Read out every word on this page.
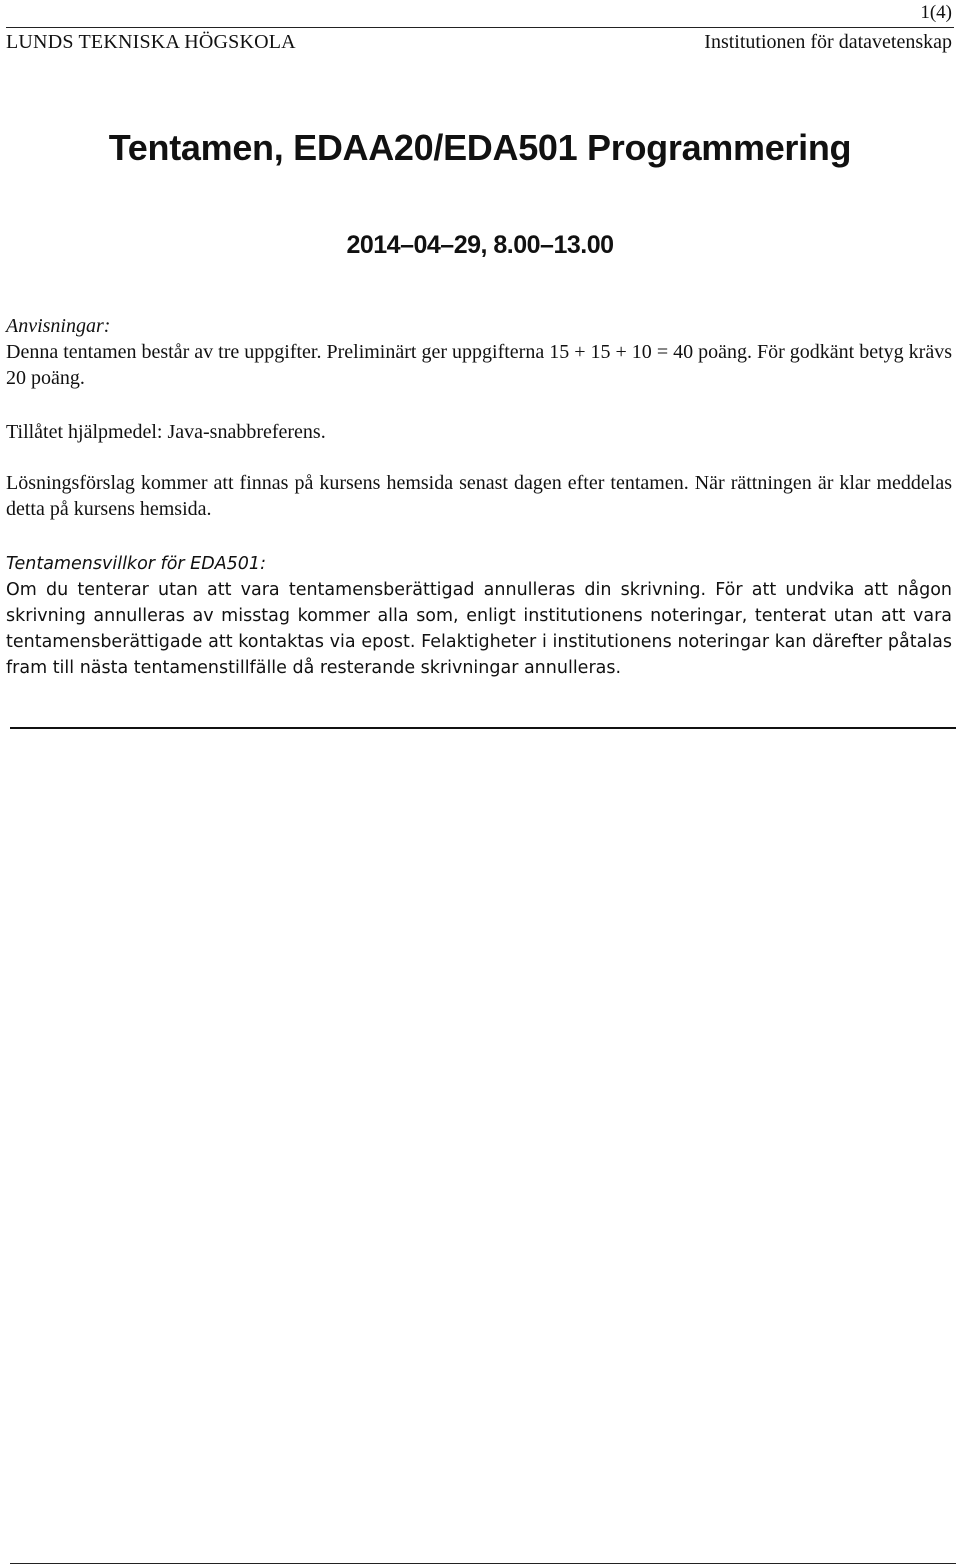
1(4)
LUNDS TEKNISKA HÖGSKOLA	Institutionen för datavetenskap
Tentamen, EDAA20/EDA501 Programmering
2014–04–29, 8.00–13.00
Anvisningar:
Denna tentamen består av tre uppgifter. Preliminärt ger uppgifterna 15 + 15 + 10 = 40 poäng. För godkänt betyg krävs 20 poäng.
Tillåtet hjälpmedel: Java-snabbreferens.
Lösningsförslag kommer att finnas på kursens hemsida senast dagen efter tentamen. När rättningen är klar meddelas detta på kursens hemsida.
Tentamensvillkor för EDA501:
Om du tenterar utan att vara tentamensberättigad annulleras din skrivning. För att undvika att någon skrivning annulleras av misstag kommer alla som, enligt institutionens noteringar, tenterat utan att vara tentamensberättigade att kontaktas via epost. Felaktigheter i institutionens noteringar kan därefter påtalas fram till nästa tentamenstillfälle då resterande skrivningar annulleras.
